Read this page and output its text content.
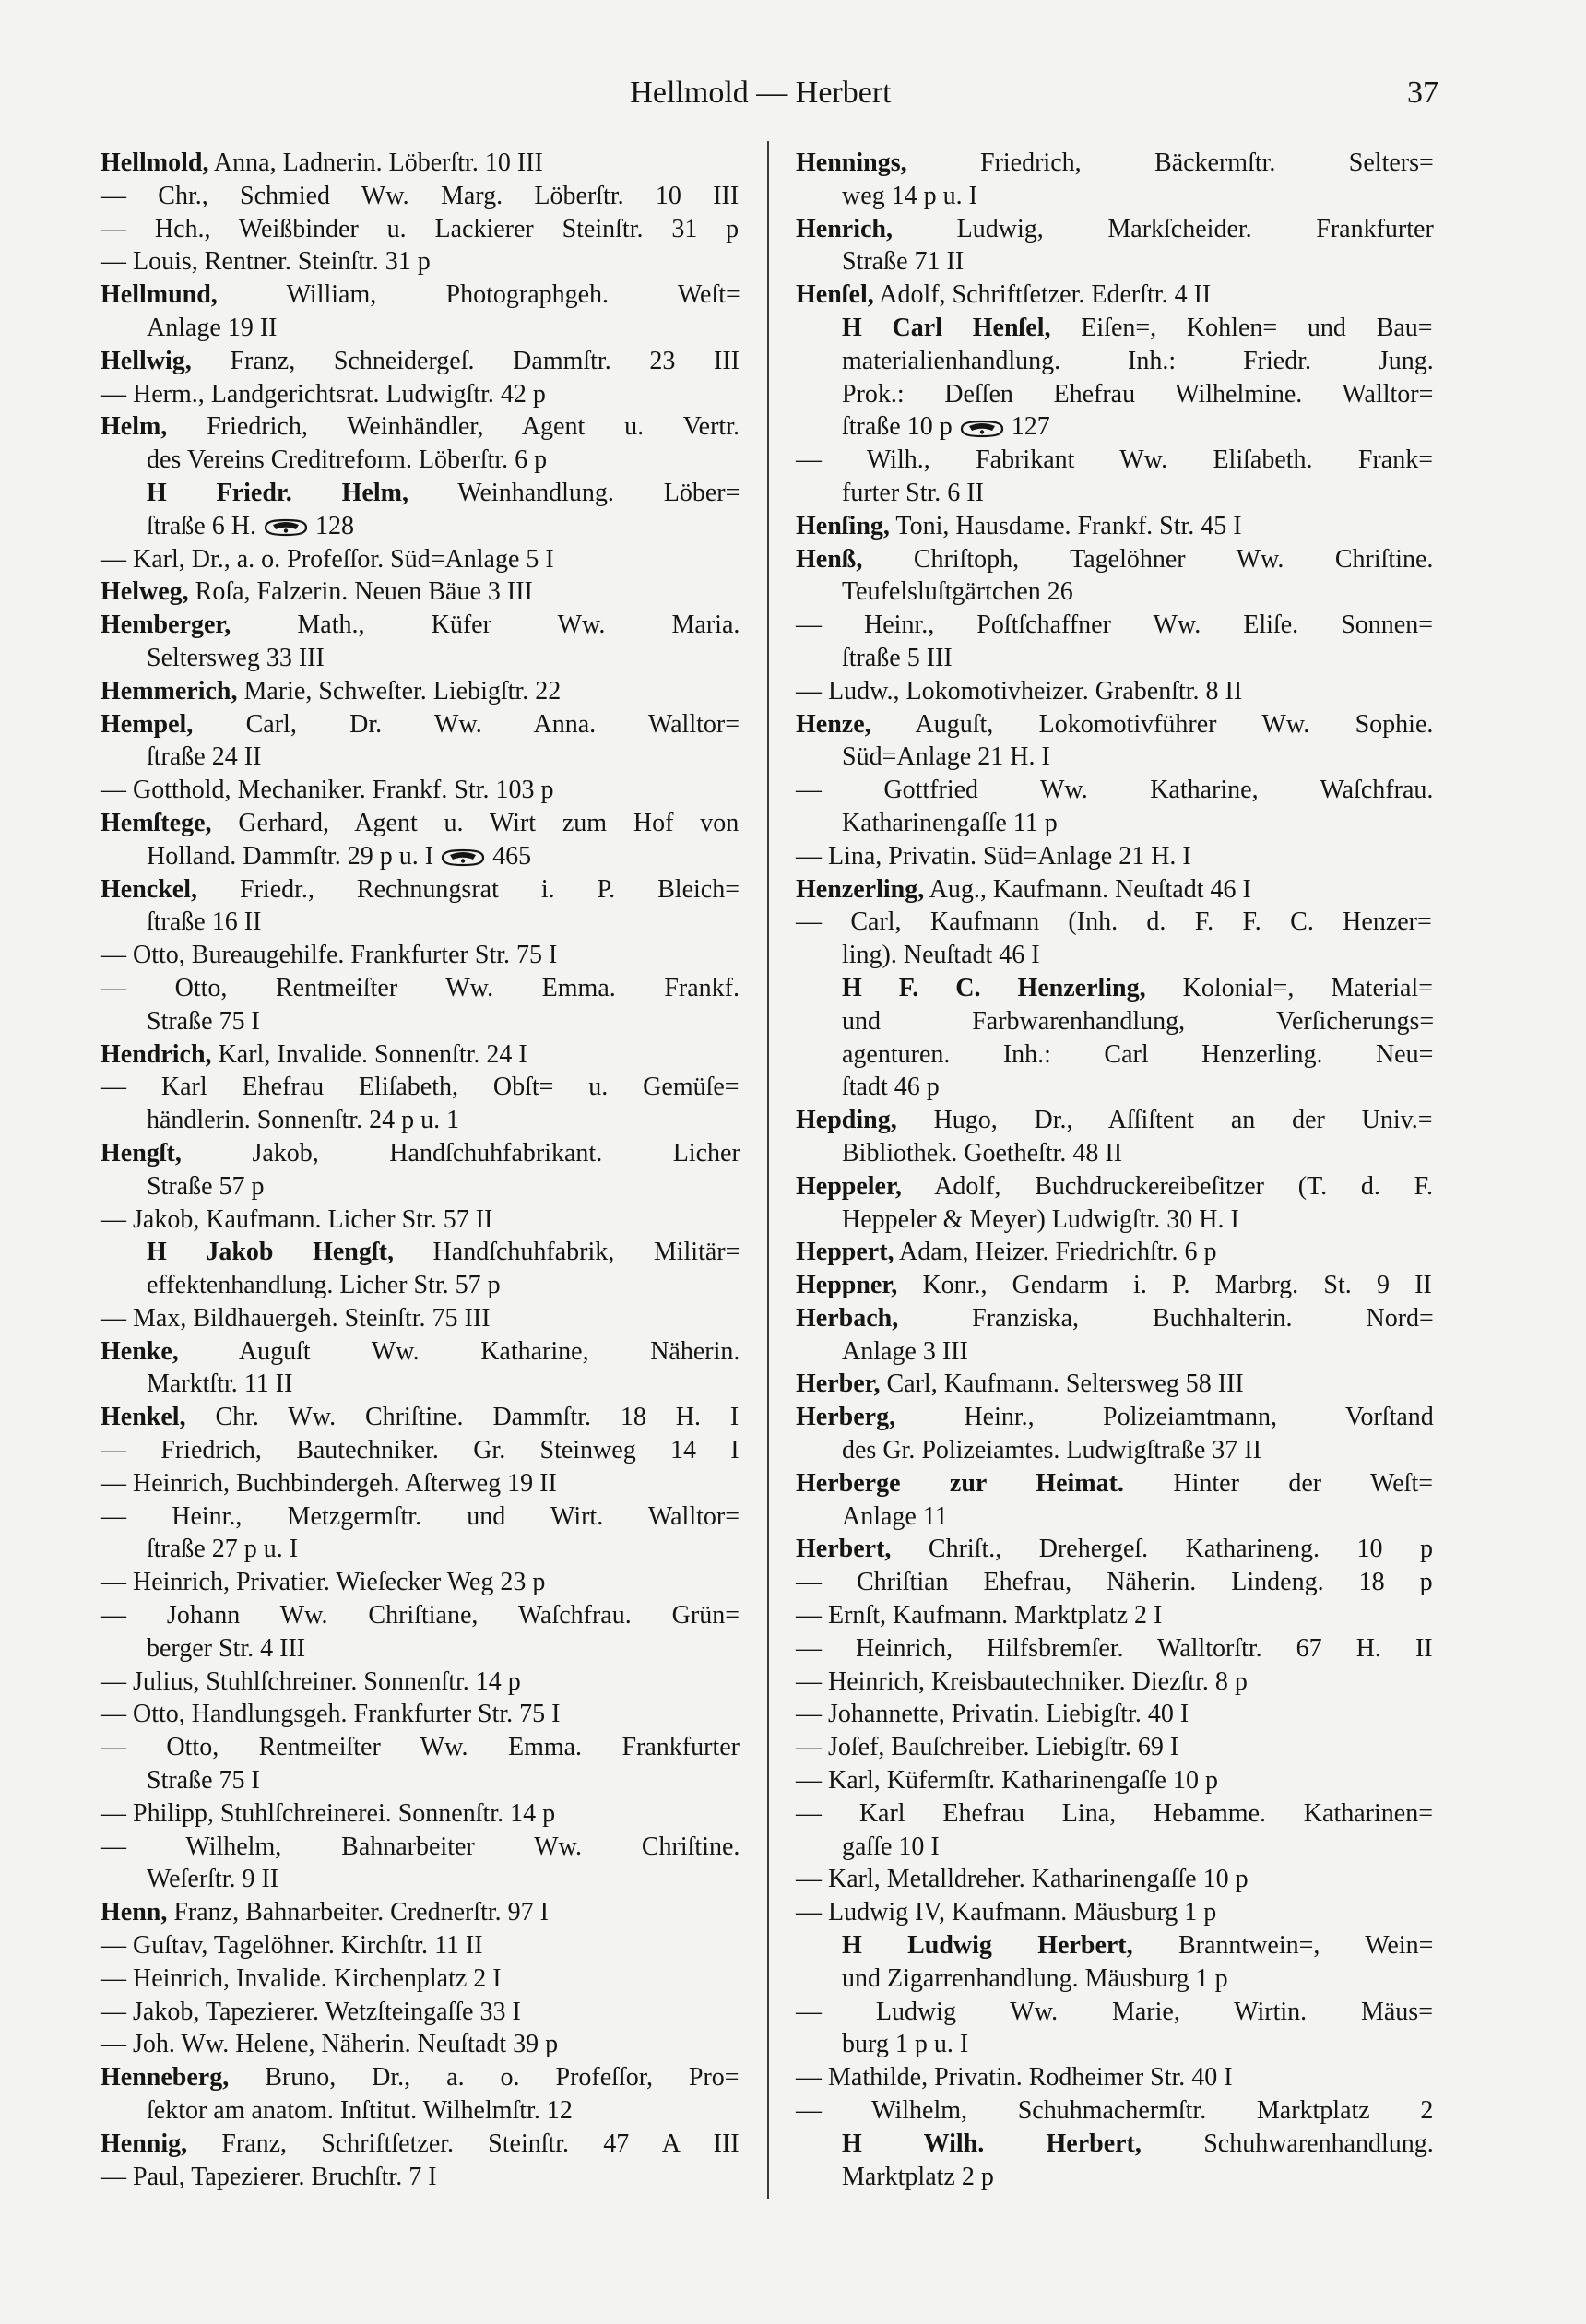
Hellmold — Herbert	37
Hellmold, Anna, Ladnerin. Löberſtr. 10 III
— Chr., Schmied Ww. Marg. Löberſtr. 10 III
— Hch., Weißbinder u. Lackierer Steinſtr. 31 p
— Louis, Rentner. Steinſtr. 31 p
Hellmund,	William, Photographgeh. Weſt=
Anlage 19 II
Hellwig, Franz, Schneidergeſ. Dammſtr. 23 III
— Herm., Landgerichtsrat. Ludwigſtr. 42 p
Helm, Friedrich, Weinhändler, Agent u. Vertr.
des Vereins Creditreform. Löberſtr. 6 p
H Friedr. Helm, Weinhandlung. Löber=
ſtraße 6 H. 128
— Karl, Dr., a. o. Profeſſor. Süd=Anlage 5 I
Helweg, Roſa, Falzerin. Neuen Bäue 3 III
Hemberger,	Math., Küfer Ww. Maria.
Seltersweg 33 III
Hemmerich, Marie, Schweſter. Liebigſtr. 22
Hempel, Carl, Dr. Ww. Anna. Walltor=
ſtraße 24 II
— Gotthold, Mechaniker. Frankf. Str. 103 p
Hemſtege, Gerhard, Agent u. Wirt zum Hof von
Holland. Dammſtr. 29 p u. I 465
Henckel, Friedr., Rechnungsrat i. P. Bleich=
ſtraße 16 II
— Otto, Bureaugehilfe. Frankfurter Str. 75 I
— Otto, Rentmeiſter Ww. Emma. Frankf.
Straße 75 I
Hendrich, Karl, Invalide. Sonnenſtr. 24 I
— Karl Ehefrau Eliſabeth, Obſt= u. Gemüſe=
händlerin. Sonnenſtr. 24 p u. 1
Hengſt,	Jakob, Handſchuhfabrikant. Licher
Straße 57 p
— Jakob, Kaufmann. Licher Str. 57 II
H Jakob Hengſt, Handſchuhfabrik, Militär=
effektenhandlung. Licher Str. 57 p
— Max, Bildhauergeh. Steinſtr. 75 III
Henke, Auguſt Ww. Katharine, Näherin.
Marktſtr. 11 II
Henkel, Chr. Ww. Chriſtine. Dammſtr. 18 H. I
— Friedrich, Bautechniker. Gr. Steinweg 14 I
— Heinrich, Buchbindergeh. Aſterweg 19 II
— Heinr., Metzgermſtr. und Wirt. Walltor=
ſtraße 27 p u. I
— Heinrich, Privatier. Wieſecker Weg 23 p
— Johann Ww. Chriſtiane, Waſchfrau. Grün=
berger Str. 4 III
— Julius, Stuhlſchreiner. Sonnenſtr. 14 p
— Otto, Handlungsgeh. Frankfurter Str. 75 I
— Otto, Rentmeiſter Ww. Emma. Frankfurter
Straße 75 I
— Philipp, Stuhlſchreinerei. Sonnenſtr. 14 p
— Wilhelm, Bahnarbeiter Ww. Chriſtine.
Weſerſtr. 9 II
Henn, Franz, Bahnarbeiter. Crednerſtr. 97 I
— Guſtav, Tagelöhner. Kirchſtr. 11 II
— Heinrich, Invalide. Kirchenplatz 2 I
— Jakob, Tapezierer. Wetzſteingaſſe 33 I
— Joh. Ww. Helene, Näherin. Neuſtadt 39 p
Henneberg, Bruno, Dr., a. o. Profeſſor, Pro=
ſektor am anatom. Inſtitut. Wilhelmſtr. 12
Hennig, Franz, Schriftſetzer. Steinſtr. 47 A III
— Paul, Tapezierer. Bruchſtr. 7 I
Hennings,	Friedrich, Bäckermſtr. Selters=
weg 14 p u. I
Henrich, Ludwig, Markſcheider. Frankfurter
Straße 71 II
Henſel, Adolf, Schriftſetzer. Ederſtr. 4 II
H Carl Henſel, Eiſen=, Kohlen= und Bau=
materialienhandlung. Inh.: Friedr. Jung.
Prok.: Deſſen Ehefrau Wilhelmine. Walltor=
ſtraße 10 p 127
— Wilh., Fabrikant Ww. Eliſabeth. Frank=
furter Str. 6 II
Henſing, Toni, Hausdame. Frankf. Str. 45 I
Henß, Chriſtoph, Tagelöhner Ww. Chriſtine.
Teufelsluſtgärtchen 26
— Heinr., Poſtſchaffner Ww. Eliſe. Sonnen=
ſtraße 5 III
— Ludw., Lokomotivheizer. Grabenſtr. 8 II
Henze, Auguſt, Lokomotivführer Ww. Sophie.
Süd=Anlage 21 H. I
— Gottfried Ww. Katharine, Waſchfrau.
Katharinengaſſe 11 p
— Lina, Privatin. Süd=Anlage 21 H. I
Henzerling, Aug., Kaufmann. Neuſtadt 46 I
— Carl, Kaufmann (Inh. d. F. F. C. Henzer=
ling). Neuſtadt 46 I
H F. C. Henzerling, Kolonial=, Material=
und Farbwarenhandlung, Verſicherungs=
agenturen. Inh.: Carl Henzerling. Neu=
ſtadt 46 p
Hepding, Hugo, Dr., Aſſiſtent an der Univ.=
Bibliothek. Goetheſtr. 48 II
Heppeler, Adolf, Buchdruckereibeſitzer (T. d. F.
Heppeler & Meyer) Ludwigſtr. 30 H. I
Heppert, Adam, Heizer. Friedrichſtr. 6 p
Heppner, Konr., Gendarm i. P. Marbrg. St. 9 II
Herbach,	Franziska, Buchhalterin. Nord=
Anlage 3 III
Herber, Carl, Kaufmann. Seltersweg 58 III
Herberg,	Heinr., Polizeiamtmann, Vorſtand
des Gr. Polizeiamtes. Ludwigſtraße 37 II
Herberge zur Heimat. Hinter der Weſt=
Anlage 11
Herbert, Chriſt., Drehergeſ. Katharineng. 10 p
— Chriſtian Ehefrau, Näherin. Lindeng. 18 p
— Ernſt, Kaufmann. Marktplatz 2 I
— Heinrich, Hilfsbremſer. Walltorſtr. 67 H. II
— Heinrich, Kreisbautechniker. Diezſtr. 8 p
— Johannette, Privatin. Liebigſtr. 40 I
— Joſef, Bauſchreiber. Liebigſtr. 69 I
— Karl, Küfermſtr. Katharinengaſſe 10 p
— Karl Ehefrau Lina, Hebamme. Katharinen=
gaſſe 10 I
— Karl, Metalldreher. Katharinengaſſe 10 p
— Ludwig IV, Kaufmann. Mäusburg 1 p
H Ludwig Herbert, Branntwein=, Wein=
und Zigarrenhandlung. Mäusburg 1 p
— Ludwig Ww. Marie, Wirtin. Mäus=
burg 1 p u. I
— Mathilde, Privatin. Rodheimer Str. 40 I
— Wilhelm, Schuhmachermſtr. Marktplatz 2
H Wilh. Herbert, Schuhwarenhandlung.
Marktplatz 2 p
